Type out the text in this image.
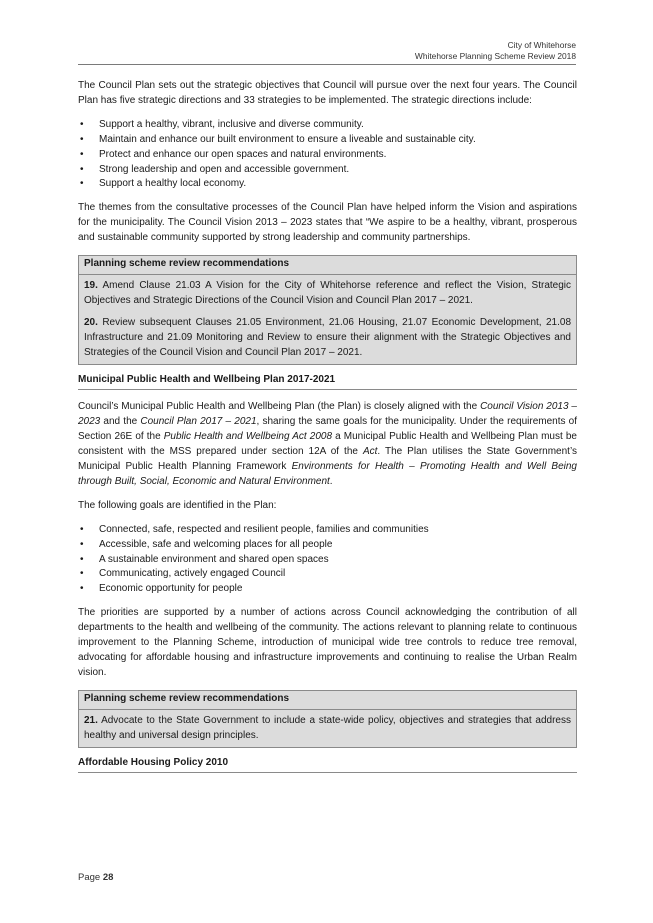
City of Whitehorse
Whitehorse Planning Scheme Review 2018

The Council Plan sets out the strategic objectives that Council will pursue over the next four years. The Council Plan has five strategic directions and 33 strategies to be implemented. The strategic directions include:

• Support a healthy, vibrant, inclusive and diverse community.
• Maintain and enhance our built environment to ensure a liveable and sustainable city.
• Protect and enhance our open spaces and natural environments.
• Strong leadership and open and accessible government.
• Support a healthy local economy.

The themes from the consultative processes of the Council Plan have helped inform the Vision and aspirations for the municipality. The Council Vision 2013 – 2023 states that “We aspire to be a healthy, vibrant, prosperous and sustainable community supported by strong leadership and community partnerships.

Planning scheme review recommendations
19. Amend Clause 21.03 A Vision for the City of Whitehorse reference and reflect the Vision, Strategic Objectives and Strategic Directions of the Council Vision and Council Plan 2017 – 2021.
20. Review subsequent Clauses 21.05 Environment, 21.06 Housing, 21.07 Economic Development, 21.08 Infrastructure and 21.09 Monitoring and Review to ensure their alignment with the Strategic Objectives and Strategies of the Council Vision and Council Plan 2017 – 2021.
Municipal Public Health and Wellbeing Plan 2017-2021

Council’s Municipal Public Health and Wellbeing Plan (the Plan) is closely aligned with the Council Vision 2013 – 2023 and the Council Plan 2017 – 2021, sharing the same goals for the municipality. Under the requirements of Section 26E of the Public Health and Wellbeing Act 2008 a Municipal Public Health and Wellbeing Plan must be consistent with the MSS prepared under section 12A of the Act. The Plan utilises the State Government’s Municipal Public Health Planning Framework Environments for Health – Promoting Health and Well Being through Built, Social, Economic and Natural Environment.

The following goals are identified in the Plan:

• Connected, safe, respected and resilient people, families and communities
• Accessible, safe and welcoming places for all people
• A sustainable environment and shared open spaces
• Communicating, actively engaged Council
• Economic opportunity for people

The priorities are supported by a number of actions across Council acknowledging the contribution of all departments to the health and wellbeing of the community. The actions relevant to planning relate to continuous improvement to the Planning Scheme, introduction of municipal wide tree controls to reduce tree removal, advocating for affordable housing and infrastructure improvements and continuing to realise the Urban Realm vision.

Planning scheme review recommendations
21. Advocate to the State Government to include a state-wide policy, objectives and strategies that address healthy and universal design principles.
Affordable Housing Policy 2010
Page 28
